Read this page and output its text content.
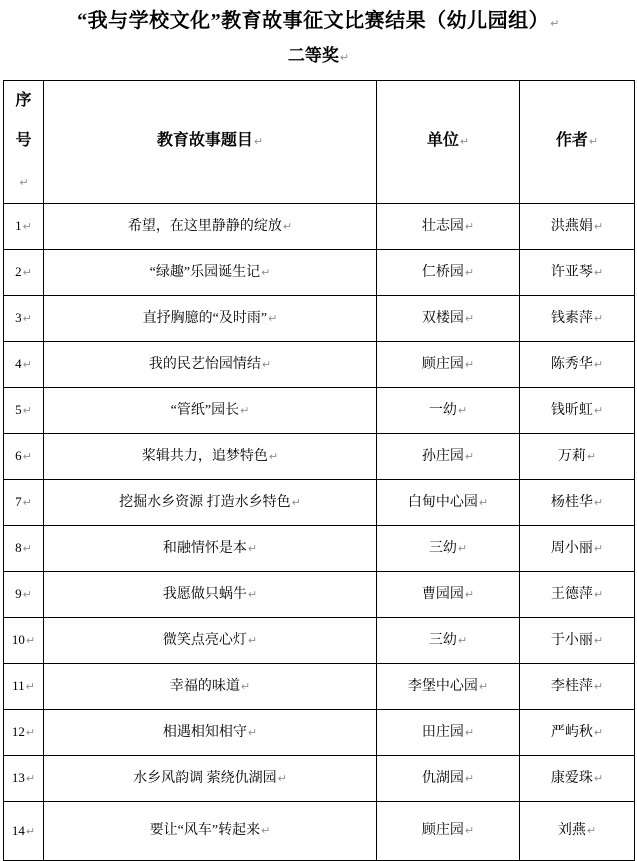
“我与学校文化”教育故事征文比赛结果（幼儿园组）↵
二等奖↵
序号↵	教育故事题目↵	单位↵	作者↵
1↵	希望，在这里静静的绽放↵	壮志园↵	洪燕娟↵
2↵	“绿趣”乐园诞生记↵	仁桥园↵	许亚琴↵
3↵	直抒胸臆的“及时雨”↵	双楼园↵	钱素萍↵
4↵	我的民艺怡园情结↵	顾庄园↵	陈秀华↵
5↵	“管纸”园长↵	一幼↵	钱昕虹↵
6↵	桨辑共力，追梦特色↵	孙庄园↵	万莉↵
7↵	挖掘水乡资源 打造水乡特色↵	白甸中心园↵	杨桂华↵
8↵	和融情怀是本↵	三幼↵	周小丽↵
9↵	我愿做只蜗牛↵	曹园园↵	王德萍↵
10↵	微笑点亮心灯↵	三幼↵	于小丽↵
11↵	幸福的味道↵	李堡中心园↵	李桂萍↵
12↵	相遇相知相守↵	田庄园↵	严屿秋↵
13↵	水乡风韵调 萦绕仇湖园↵	仇湖园↵	康爱珠↵
14↵	要让“风车”转起来↵	顾庄园↵	刘燕↵
